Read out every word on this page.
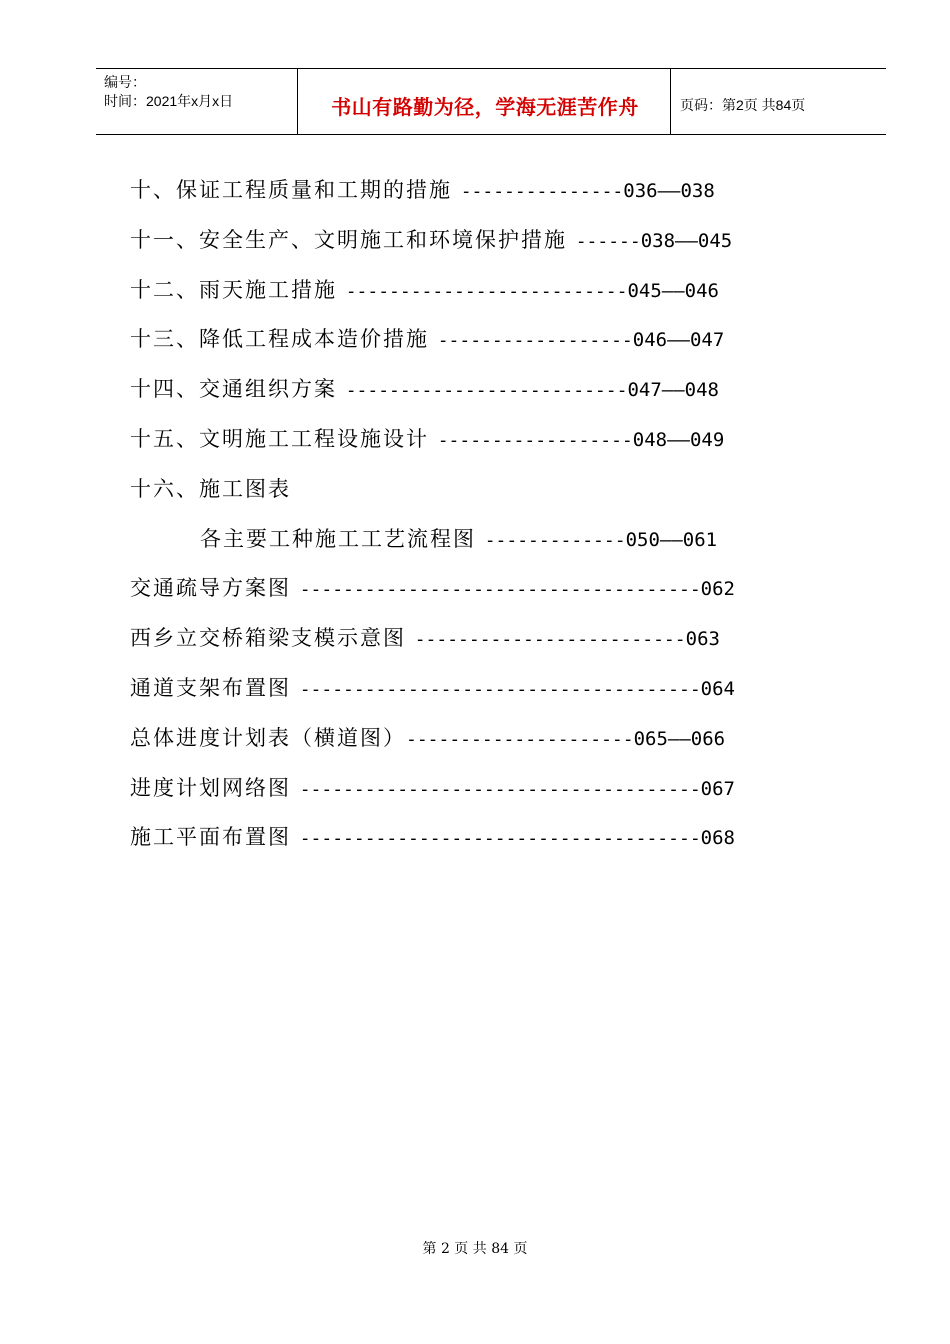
编号：
时间：2021年x月x日	书山有路勤为径，学海无涯苦作舟	页码：第2页 共84页
十、保证工程质量和工期的措施 ---------------036——038
十一、安全生产、文明施工和环境保护措施 ------038——045
十二、雨天施工措施 --------------------------045——046
十三、降低工程成本造价措施 ------------------046——047
十四、交通组织方案 --------------------------047——048
十五、文明施工工程设施设计 ------------------048——049
十六、施工图表
各主要工种施工工艺流程图 -------------050——061
交通疏导方案图 -------------------------------------062
西乡立交桥箱梁支模示意图 -------------------------063
通道支架布置图 -------------------------------------064
总体进度计划表（横道图）---------------------065——066
进度计划网络图 -------------------------------------067
施工平面布置图 -------------------------------------068
第 2 页 共 84 页
